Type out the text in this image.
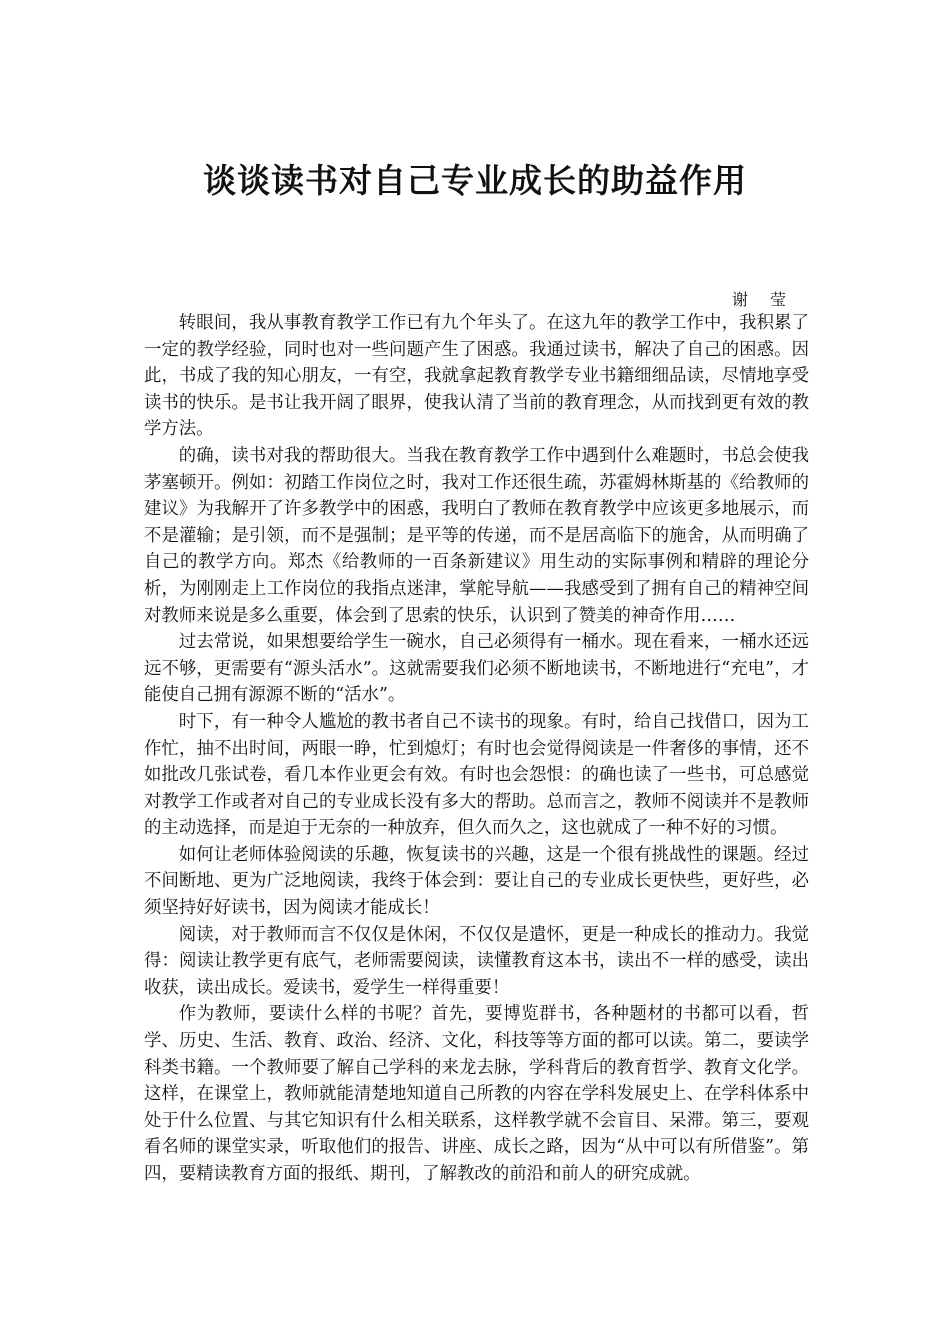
谈谈读书对自己专业成长的助益作用

谢莹

转眼间，我从事教育教学工作已有九个年头了。在这九年的教学工作中，我积累了一定的教学经验，同时也对一些问题产生了困惑。我通过读书，解决了自己的困惑。因此，书成了我的知心朋友，一有空，我就拿起教育教学专业书籍细细品读，尽情地享受读书的快乐。是书让我开阔了眼界，使我认清了当前的教育理念，从而找到更有效的教学方法。

的确，读书对我的帮助很大。当我在教育教学工作中遇到什么难题时，书总会使我茅塞顿开。例如：初踏工作岗位之时，我对工作还很生疏，苏霍姆林斯基的《给教师的建议》为我解开了许多教学中的困惑，我明白了教师在教育教学中应该更多地展示，而不是灌输；是引领，而不是强制；是平等的传递，而不是居高临下的施舍，从而明确了自己的教学方向。郑杰《给教师的一百条新建议》用生动的实际事例和精辟的理论分析，为刚刚走上工作岗位的我指点迷津，掌舵导航——我感受到了拥有自己的精神空间对教师来说是多么重要，体会到了思索的快乐，认识到了赞美的神奇作用……

过去常说，如果想要给学生一碗水，自己必须得有一桶水。现在看来，一桶水还远远不够，更需要有“源头活水”。这就需要我们必须不断地读书，不断地进行“充电”，才能使自己拥有源源不断的“活水”。

时下，有一种令人尴尬的教书者自己不读书的现象。有时，给自己找借口，因为工作忙，抽不出时间，两眼一睁，忙到熄灯；有时也会觉得阅读是一件奢侈的事情，还不如批改几张试卷，看几本作业更会有效。有时也会怨恨：的确也读了一些书，可总感觉对教学工作或者对自己的专业成长没有多大的帮助。总而言之，教师不阅读并不是教师的主动选择，而是迫于无奈的一种放弃，但久而久之，这也就成了一种不好的习惯。

如何让老师体验阅读的乐趣，恢复读书的兴趣，这是一个很有挑战性的课题。经过不间断地、更为广泛地阅读，我终于体会到：要让自己的专业成长更快些，更好些，必须坚持好好读书，因为阅读才能成长！

阅读，对于教师而言不仅仅是休闲，不仅仅是遣怀，更是一种成长的推动力。我觉得：阅读让教学更有底气，老师需要阅读，读懂教育这本书，读出不一样的感受，读出收获，读出成长。爱读书，爱学生一样得重要！

作为教师，要读什么样的书呢？首先，要博览群书，各种题材的书都可以看，哲学、历史、生活、教育、政治、经济、文化，科技等等方面的都可以读。第二，要读学科类书籍。一个教师要了解自己学科的来龙去脉，学科背后的教育哲学、教育文化学。这样，在课堂上，教师就能清楚地知道自己所教的内容在学科发展史上、在学科体系中处于什么位置、与其它知识有什么相关联系，这样教学就不会盲目、呆滞。第三，要观看名师的课堂实录，听取他们的报告、讲座、成长之路，因为“从中可以有所借鉴”。第四，要精读教育方面的报纸、期刊，了解教改的前沿和前人的研究成就。
